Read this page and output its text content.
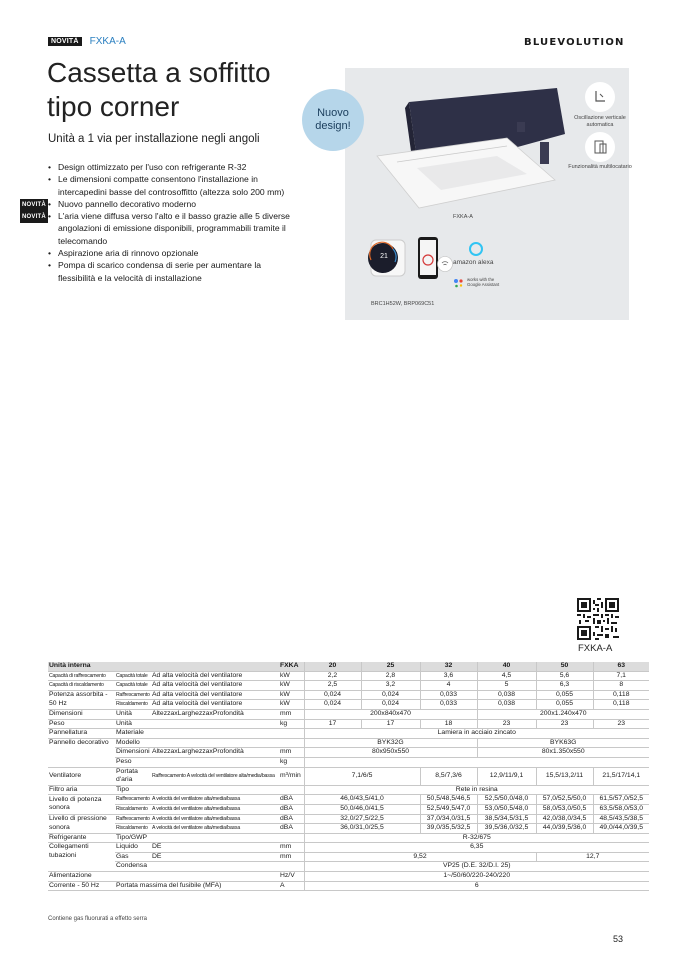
NOVITÀ	FXKA-A	BLUEVOLUTION
Cassetta a soffitto
tipo corner
Unità a 1 via per installazione negli angoli
• Design ottimizzato per l'uso con refrigerante R-32
• Le dimensioni compatte consentono l'installazione in intercapedini basse del controsoffitto (altezza solo 200 mm)
• NOVITÀ Nuovo pannello decorativo moderno
• NOVITÀ L'aria viene diffusa verso l'alto e il basso grazie alle 5 diverse angolazioni di emissione disponibili, programmabili tramite il telecomando
• Aspirazione aria di rinnovo opzionale
• Pompa di scarico condensa di serie per aumentare la flessibilità e la velocità di installazione
Nuovo design!
Oscillazione verticale automatica
Funzionalità multilocatario
FXKA-A
21
amazon alexa
works with the Google Assistant
BRC1H52W, BRP069C51
FXKA-A
Unità interna			FXKA	20	25	32	40	50	63
Capacità di raffrescamento	Capacità totale	Ad alta velocità del ventilatore	kW	2,2	2,8	3,6	4,5	5,6	7,1
Capacità di riscaldamento	Capacità totale	Ad alta velocità del ventilatore	kW	2,5	3,2	4	5	6,3	8
Potenza assorbita - 50 Hz	Raffrescamento	Ad alta velocità del ventilatore	kW	0,024	0,024	0,033	0,038	0,055	0,118
	Riscaldamento	Ad alta velocità del ventilatore	kW	0,024	0,024	0,033	0,038	0,055	0,118
Dimensioni	Unità	AltezzaxLarghezzaxProfondità	mm	200x840x470			200x1.240x470		
Peso	Unità		kg	17	17	18	23	23	23
Pannellatura	Materiale			Lamiera in acciaio zincato					
Pannello decorativo	Modello			BYK32G			BYK63G		
	Dimensioni	AltezzaxLarghezzaxProfondità	mm	80x950x550			80x1.350x550		
	Peso		kg						
Ventilatore	Portata d'aria	Raffrescamento A velocità del ventilatore alta/media/bassa	m³/min	7,1/6/5		8,5/7,3/6	12,9/11/9,1	15,5/13,2/11	21,5/17/14,1
Filtro aria	Tipo			Rete in resina					
Livello di potenza sonora	Raffrescamento	A velocità del ventilatore alta/media/bassa	dBA	46,0/43,5/41,0		50,5/48,5/46,5	52,5/50,0/48,0	57,0/52,5/50,0	61,5/57,0/52,5
	Riscaldamento	A velocità del ventilatore alta/media/bassa	dBA	50,0/46,0/41,5		52,5/49,5/47,0	53,0/50,5/48,0	58,0/53,0/50,5	63,5/58,0/53,0
Livello di pressione sonora	Raffrescamento	A velocità del ventilatore alta/media/bassa	dBA	32,0/27,5/22,5		37,0/34,0/31,5	38,5/34,5/31,5	42,0/38,0/34,5	48,5/43,5/38,5
	Riscaldamento	A velocità del ventilatore alta/media/bassa	dBA	36,0/31,0/25,5		39,0/35,5/32,5	39,5/36,0/32,5	44,0/39,5/36,0	49,0/44,0/39,5
Refrigerante	Tipo/GWP			R-32/675					
Collegamenti tubazioni	Liquido	DE	mm	6,35					
	Gas	DE	mm	9,52				12,7	
	Condensa			VP25 (D.E. 32/D.I. 25)					
Alimentazione			Hz/V	1~/50/60/220-240/220					
Corrente - 50 Hz	Portata massima del fusibile (MFA)		A	6					
Contiene gas fluorurati a effetto serra
53
